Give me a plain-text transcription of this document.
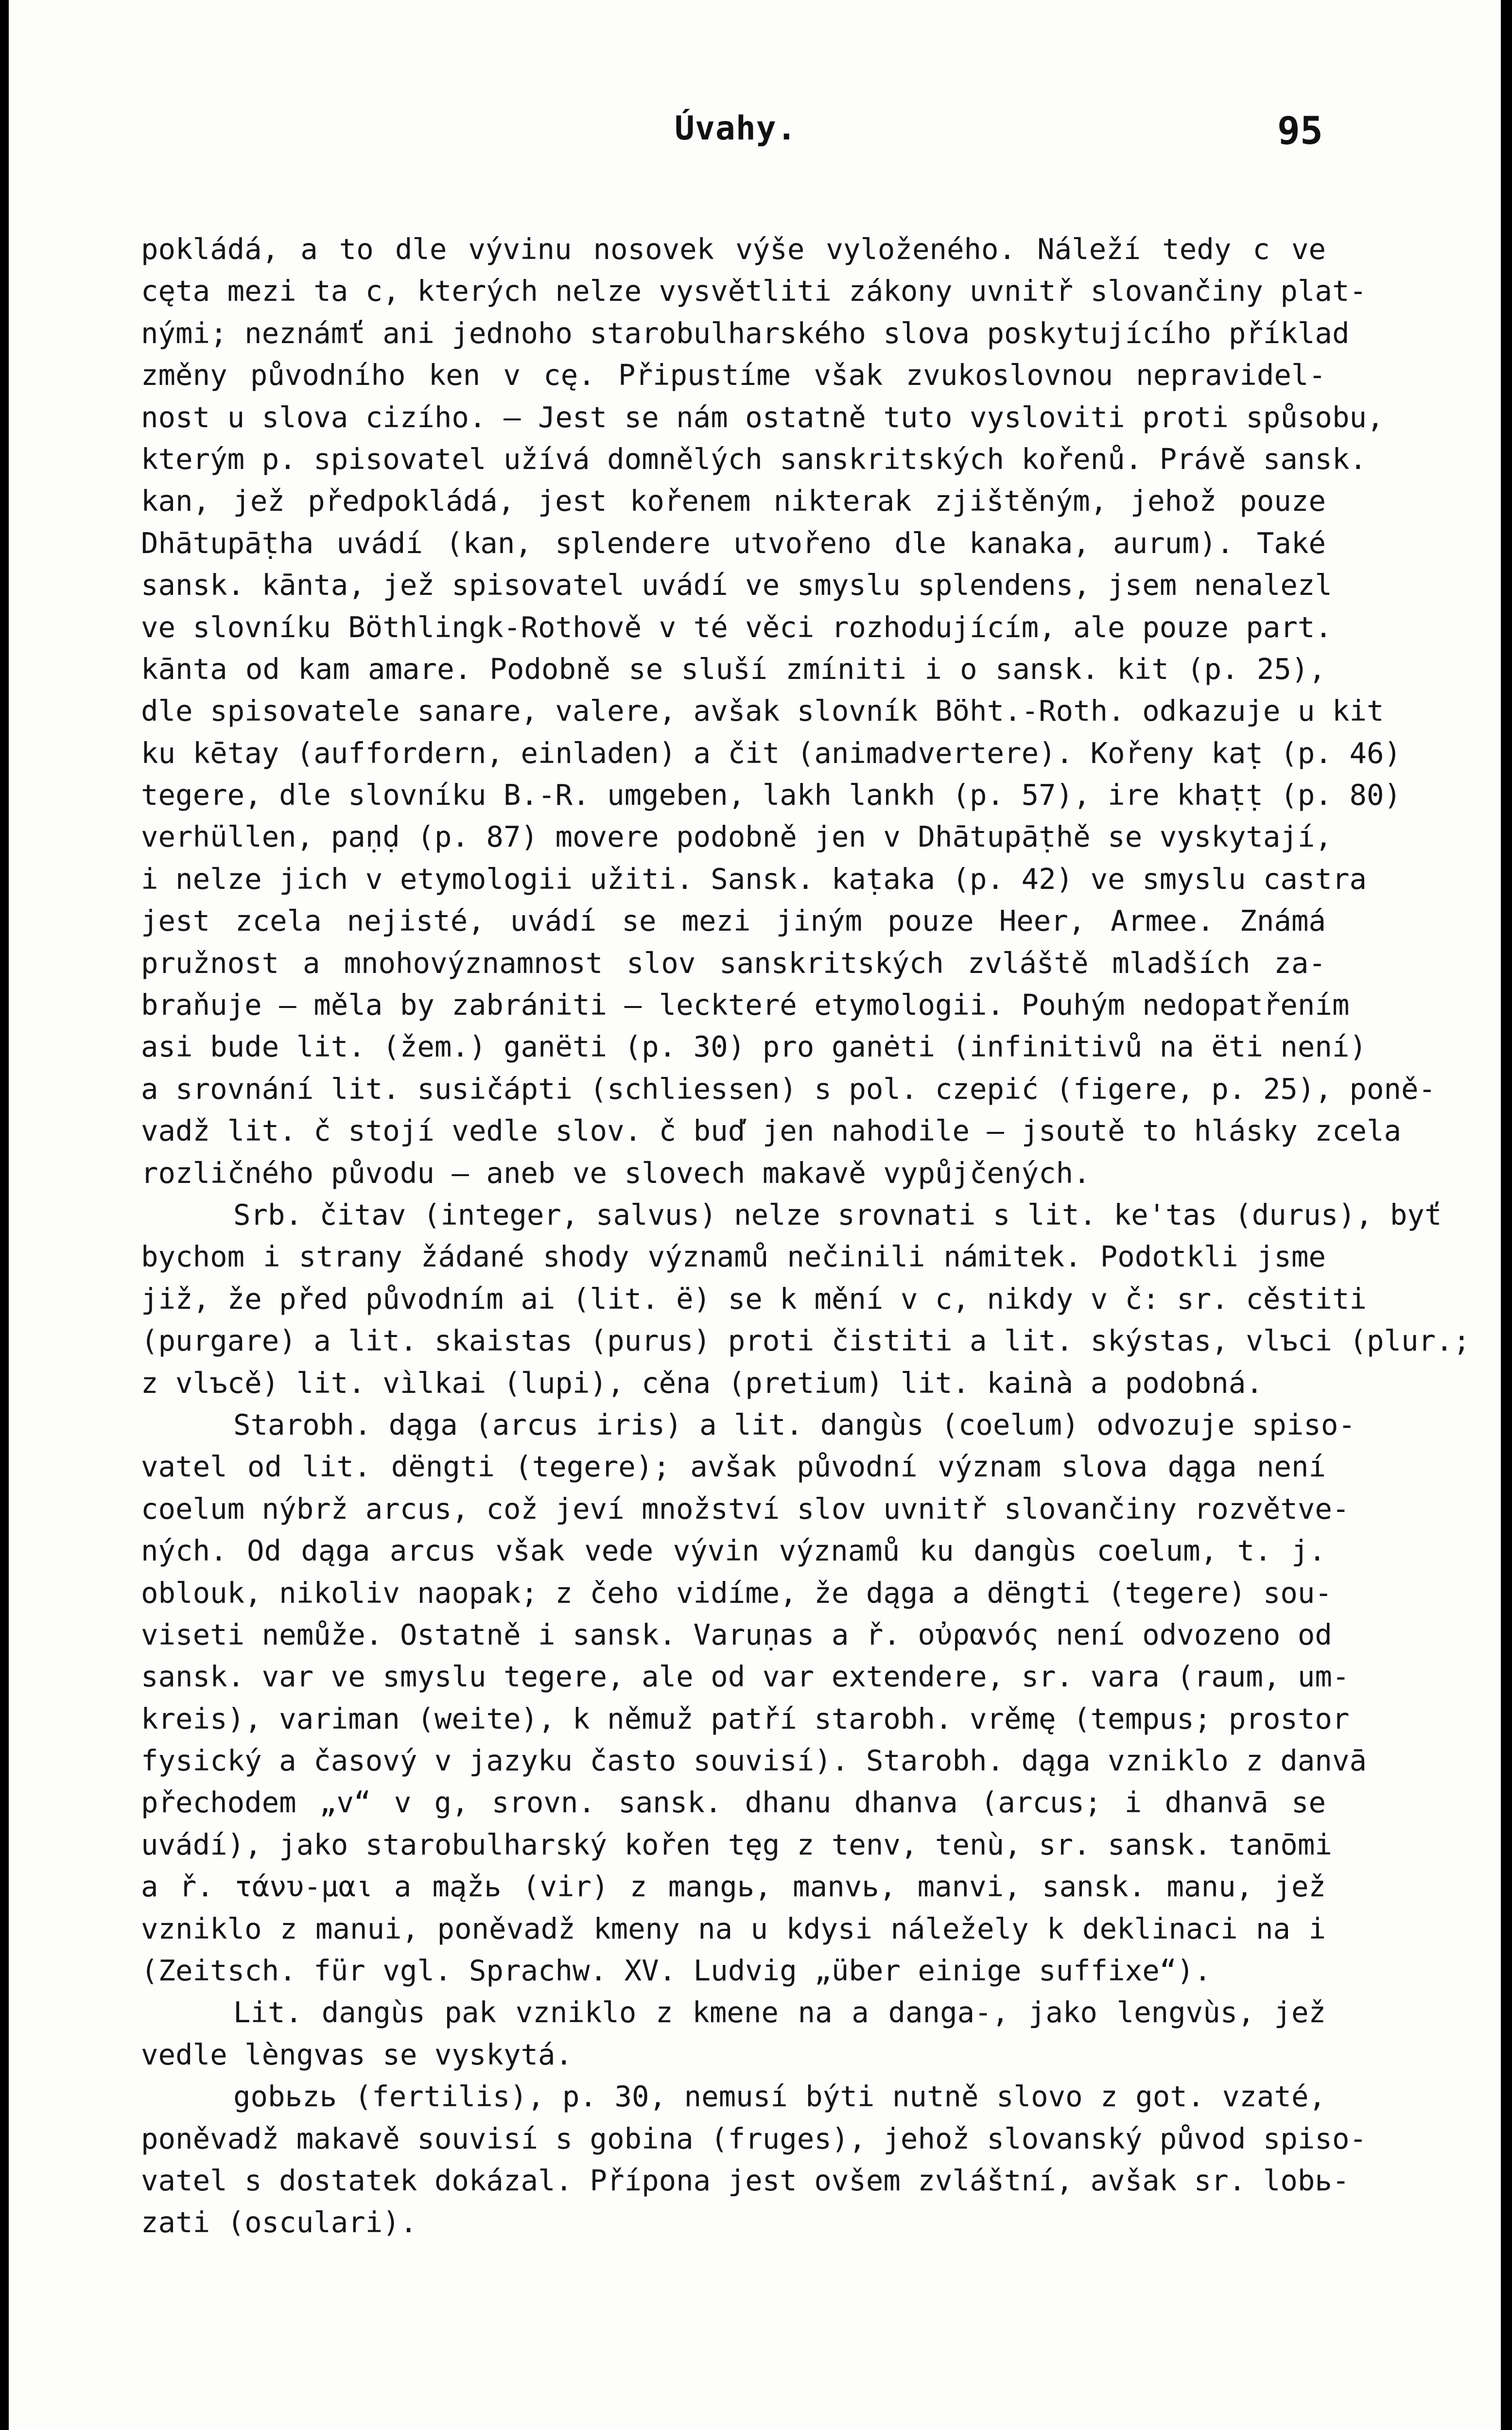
Úvahy.	95
pokládá, a to dle vývinu nosovek výše vyloženého. Náleží tedy c ve
cęta mezi ta c, kterých nelze vysvětliti zákony uvnitř slovančiny plat-
nými; neznámť ani jednoho starobulharského slova poskytujícího příklad
změny původního ken v cę. Připustíme však zvukoslovnou nepravidel-
nost u slova cizího. — Jest se nám ostatně tuto vysloviti proti spůsobu,
kterým p. spisovatel užívá domnělých sanskritských kořenů. Právě sansk.
kan, jež předpokládá, jest kořenem nikterak zjištěným, jehož pouze
Dhātupāṭha uvádí (kan, splendere utvořeno dle kanaka, aurum). Také
sansk. kānta, jež spisovatel uvádí ve smyslu splendens, jsem nenalezl
ve slovníku Böthlingk-Rothově v té věci rozhodujícím, ale pouze part.
kānta od kam amare. Podobně se sluší zmíniti i o sansk. kit (p. 25),
dle spisovatele sanare, valere, avšak slovník Böht.-Roth. odkazuje u kit
ku kētay (auffordern, einladen) a čit (animadvertere). Kořeny kaṭ (p. 46)
tegere, dle slovníku B.-R. umgeben, lakh lankh (p. 57), ire khaṭṭ (p. 80)
verhüllen, paṇḍ (p. 87) movere podobně jen v Dhātupāṭhě se vyskytají,
i nelze jich v etymologii užiti. Sansk. kaṭaka (p. 42) ve smyslu castra
jest zcela nejisté, uvádí se mezi jiným pouze Heer, Armee. Známá
pružnost a mnohovýznamnost slov sanskritských zvláště mladších za-
braňuje — měla by zabrániti — leckteré etymologii. Pouhým nedopatřením
asi bude lit. (žem.) ganëti (p. 30) pro ganėti (infinitivů na ëti není)
a srovnání lit. susičápti (schliessen) s pol. czepić (figere, p. 25), poně-
vadž lit. č stojí vedle slov. č buď jen nahodile — jsoutě to hlásky zcela
rozličného původu — aneb ve slovech makavě vypůjčených.
Srb. čitav (integer, salvus) nelze srovnati s lit. ke'tas (durus), byť
bychom i strany žádané shody významů nečinili námitek. Podotkli jsme
již, že před původním ai (lit. ë) se k mění v c, nikdy v č: sr. cěstiti
(purgare) a lit. skaistas (purus) proti čistiti a lit. skýstas, vlъci (plur.;
z vlъcě) lit. vìlkai (lupi), cěna (pretium) lit. kainà a podobná.
Starobh. dąga (arcus iris) a lit. dangùs (coelum) odvozuje spiso-
vatel od lit. dëngti (tegere); avšak původní význam slova dąga není
coelum nýbrž arcus, což jeví množství slov uvnitř slovančiny rozvětve-
ných. Od dąga arcus však vede vývin významů ku dangùs coelum, t. j.
oblouk, nikoliv naopak; z čeho vidíme, že dąga a dëngti (tegere) sou-
viseti nemůže. Ostatně i sansk. Varuṇas a ř. οὐρανός není odvozeno od
sansk. var ve smyslu tegere, ale od var extendere, sr. vara (raum, um-
kreis), variman (weite), k němuž patří starobh. vrěmę (tempus; prostor
fysický a časový v jazyku často souvisí). Starobh. dąga vzniklo z danvā
přechodem „v“ v g, srovn. sansk. dhanu dhanva (arcus; i dhanvā se
uvádí), jako starobulharský kořen tęg z tenv, tenù, sr. sansk. tanōmi
a ř. τάνυ-μαι a mąžь (vir) z mangь, manvь, manvi, sansk. manu, jež
vzniklo z manui, poněvadž kmeny na u kdysi náležely k deklinaci na i
(Zeitsch. für vgl. Sprachw. XV. Ludvig „über einige suffixe“).
Lit. dangùs pak vzniklo z kmene na a danga-, jako lengvùs, jež
vedle lèngvas se vyskytá.
gobьzь (fertilis), p. 30, nemusí býti nutně slovo z got. vzaté,
poněvadž makavě souvisí s gobina (fruges), jehož slovanský původ spiso-
vatel s dostatek dokázal. Přípona jest ovšem zvláštní, avšak sr. lobь-
zati (osculari).
